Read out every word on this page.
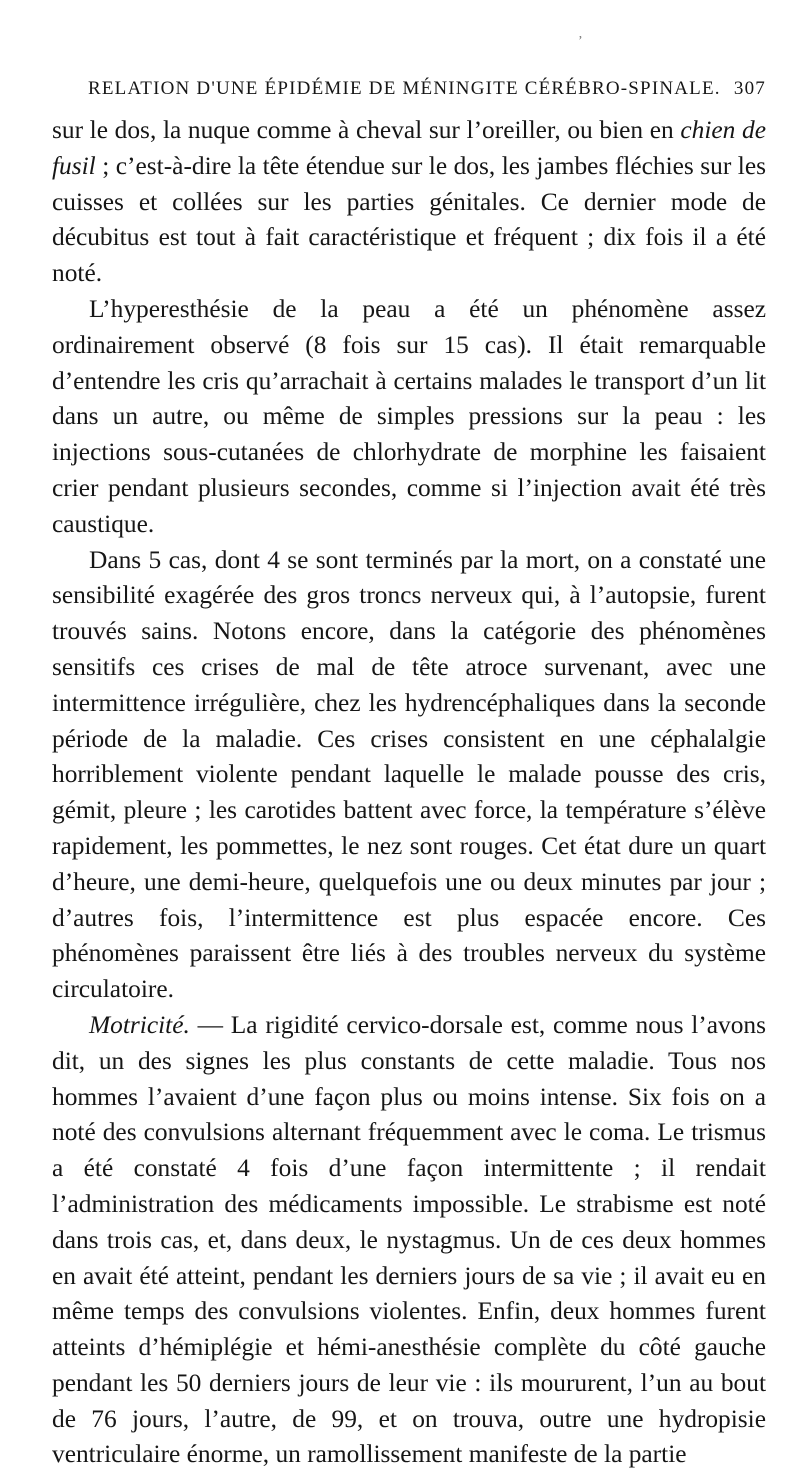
’
RELATION D'UNE ÉPIDÉMIE DE MÉNINGITE CÉRÉBRO-SPINALE. 307

sur le dos, la nuque comme à cheval sur l’oreiller, ou bien en chien de fusil ; c’est-à-dire la tête étendue sur le dos, les jambes fléchies sur les cuisses et collées sur les parties génitales. Ce dernier mode de décubitus est tout à fait caractéristique et fréquent ; dix fois il a été noté.

L’hyperesthésie de la peau a été un phénomène assez ordinairement observé (8 fois sur 15 cas). Il était remarquable d’entendre les cris qu’arrachait à certains malades le transport d’un lit dans un autre, ou même de simples pressions sur la peau : les injections sous-cutanées de chlorhydrate de morphine les faisaient crier pendant plusieurs secondes, comme si l’injection avait été très caustique.

Dans 5 cas, dont 4 se sont terminés par la mort, on a constaté une sensibilité exagérée des gros troncs nerveux qui, à l’autopsie, furent trouvés sains. Notons encore, dans la catégorie des phénomènes sensitifs ces crises de mal de tête atroce survenant, avec une intermittence irrégulière, chez les hydrencéphaliques dans la seconde période de la maladie. Ces crises consistent en une céphalalgie horriblement violente pendant laquelle le malade pousse des cris, gémit, pleure ; les carotides battent avec force, la température s’élève rapidement, les pommettes, le nez sont rouges. Cet état dure un quart d’heure, une demi-heure, quelquefois une ou deux minutes par jour ; d’autres fois, l’intermittence est plus espacée encore. Ces phénomènes paraissent être liés à des troubles nerveux du système circulatoire.

Motricité. — La rigidité cervico-dorsale est, comme nous l’avons dit, un des signes les plus constants de cette maladie. Tous nos hommes l’avaient d’une façon plus ou moins intense. Six fois on a noté des convulsions alternant fréquemment avec le coma. Le trismus a été constaté 4 fois d’une façon intermittente ; il rendait l’administration des médicaments impossible. Le strabisme est noté dans trois cas, et, dans deux, le nystagmus. Un de ces deux hommes en avait été atteint, pendant les derniers jours de sa vie ; il avait eu en même temps des convulsions violentes. Enfin, deux hommes furent atteints d’hémiplégie et hémi-anesthésie complète du côté gauche pendant les 50 derniers jours de leur vie : ils moururent, l’un au bout de 76 jours, l’autre, de 99, et on trouva, outre une hydropisie ventriculaire énorme, un ramollissement manifeste de la partie
